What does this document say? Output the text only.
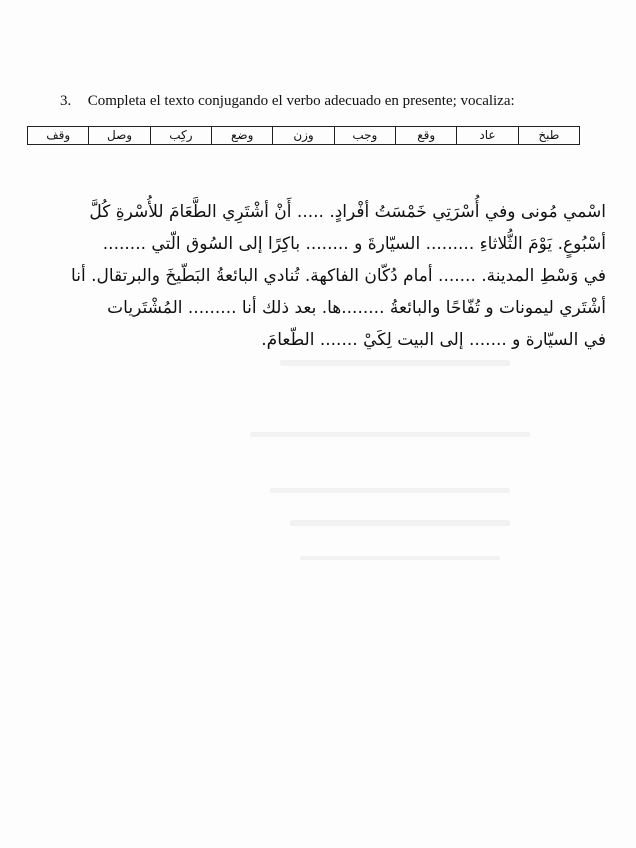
3. Completa el texto conjugando el verbo adecuado en presente; vocaliza:
طبخ
عاد
وقع
وجب
وزن
وضع
ركِب
وصل
وقف
اسْمي مُونى وفي أُسْرَتِي خَمْسَتُ أفْرادٍ. ..... أَنْ أشْتَرِي الطَّعَامَ للأُسْرةِ كُلَّ
أسْبُوعٍ. يَوْمَ الثُّلاثاءِ ......... السيّارةَ و ........ باكِرًا إلى السُوق الّتي ........
في وَسْطِ المدينة. ....... أمام دُكّان الفاكهة. تُنادي البائعةُ البَطّيخَ والبرتقال. أنا
أشْتَري ليمونات و تُفّاحًا والبائعةُ ........ها. بعد ذلك أنا ......... المُشْتَريات
في السيّارة و ....... إلى البيت لِكَيْ ....... الطّعامَ.
